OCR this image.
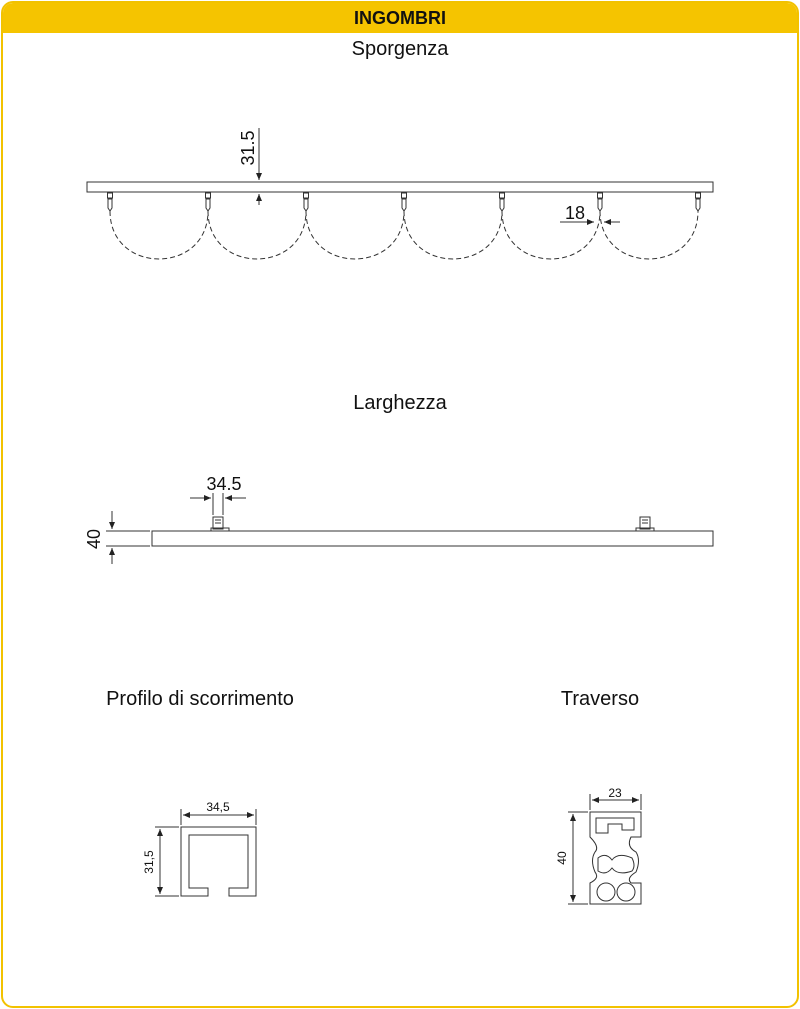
INGOMBRI
Sporgenza
31.5
18
Larghezza
34.5
40
Profilo di scorrimento
34,5
31,5
Traverso
23
40
